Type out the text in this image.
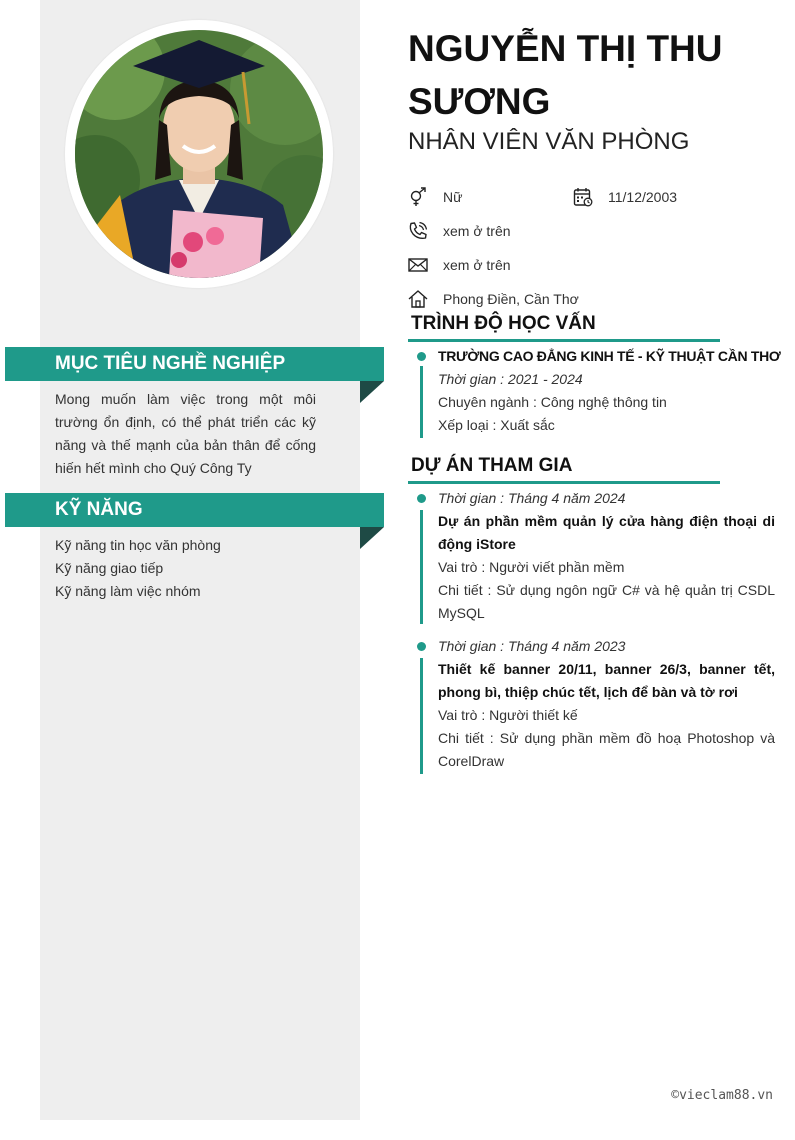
NGUYỄN THỊ THU SƯƠNG
NHÂN VIÊN VĂN PHÒNG
Nữ	11/12/2003
xem ở trên
xem ở trên
Phong Điền, Cần Thơ
MỤC TIÊU NGHỀ NGHIỆP
Mong muốn làm việc trong một môi trường ổn định, có thể phát triển các kỹ năng và thế mạnh của bản thân để cống hiến hết mình cho Quý Công Ty
KỸ NĂNG
Kỹ năng tin học văn phòng
Kỹ năng giao tiếp
Kỹ năng làm việc nhóm
TRÌNH ĐỘ HỌC VẤN
TRƯỜNG CAO ĐẲNG KINH TẾ - KỸ THUẬT CẦN THƠ
Thời gian : 2021 - 2024
Chuyên ngành : Công nghệ thông tin
Xếp loại : Xuất sắc
DỰ ÁN THAM GIA
Thời gian : Tháng 4 năm 2024
Dự án phần mềm quản lý cửa hàng điện thoại di động iStore
Vai trò : Người viết phần mềm
Chi tiết : Sử dụng ngôn ngữ C# và hệ quản trị CSDL MySQL
Thời gian : Tháng 4 năm 2023
Thiết kế banner 20/11, banner 26/3, banner tết, phong bì, thiệp chúc tết, lịch để bàn và tờ rơi
Vai trò : Người thiết kế
Chi tiết : Sử dụng phần mềm đồ hoạ Photoshop và CorelDraw
©vieclam88.vn
